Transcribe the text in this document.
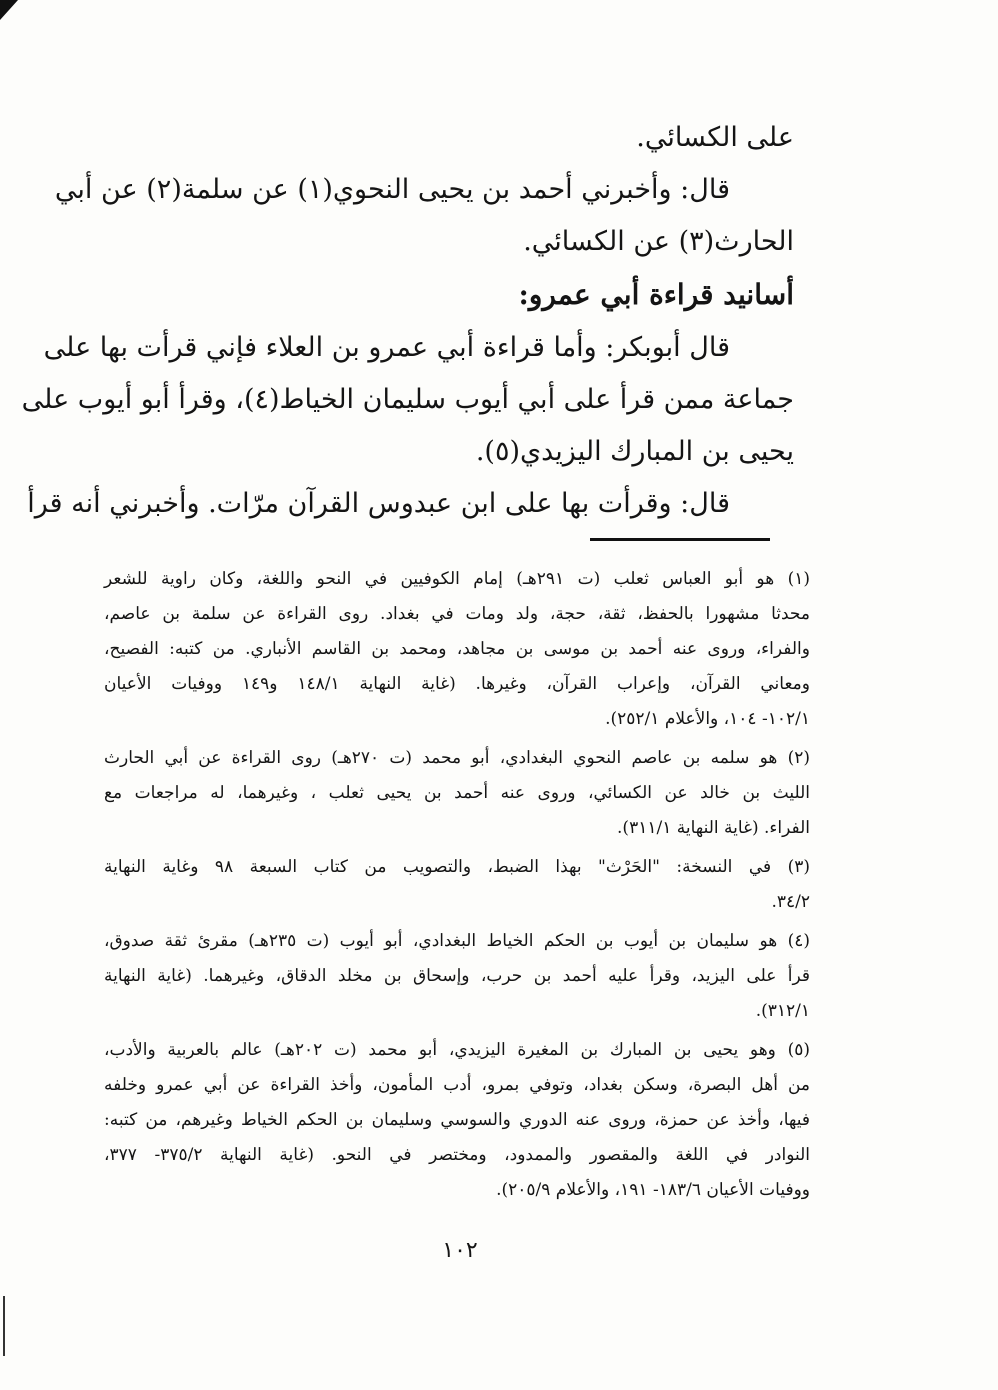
على الكسائي.
قال: وأخبرني أحمد بن يحيى النحوي(١) عن سلمة(٢) عن أبي
الحارث(٣) عن الكسائي.
أسانيد قراءة أبي عمرو:
قال أبوبكر: وأما قراءة أبي عمرو بن العلاء فإني قرأت بها على
جماعة ممن قرأ على أبي أيوب سليمان الخياط(٤)، وقرأ أبو أيوب على
يحيى بن المبارك اليزيدي(٥).
قال: وقرأت بها على ابن عبدوس القرآن مرّات. وأخبرني أنه قرأ
(١) هو أبو العباس ثعلب (ت ٢٩١هـ) إمام الكوفيين في النحو واللغة، وكان راوية للشعر
محدثا مشهورا بالحفظ، ثقة، حجة، ولد ومات في بغداد. روى القراءة عن سلمة بن عاصم،
والفراء، وروى عنه أحمد بن موسى بن مجاهد، ومحمد بن القاسم الأنباري. من كتبه: الفصيح،
ومعاني القرآن، وإعراب القرآن، وغيرها. (غاية النهاية ١٤٨/١ و١٤٩ ووفيات الأعيان
١٠٢/١- ١٠٤، والأعلام ٢٥٢/١).
(٢) هو سلمه بن عاصم النحوي البغدادي، أبو محمد (ت ٢٧٠هـ) روى القراءة عن أبي الحارث
الليث بن خالد عن الكسائي، وروى عنه أحمد بن يحيى ثعلب ، وغيرهما، له مراجعات مع
الفراء. (غاية النهاية ٣١١/١).
(٣) في النسخة: "الحَرْث" بهذا الضبط، والتصويب من كتاب السبعة ٩٨ وغاية النهاية
٣٤/٢.
(٤) هو سليمان بن أيوب بن الحكم الخياط البغدادي، أبو أيوب (ت ٢٣٥هـ) مقرئ ثقة صدوق،
قرأ على اليزيد، وقرأ عليه أحمد بن حرب، وإسحاق بن مخلد الدقاق، وغيرهما. (غاية النهاية
٣١٢/١).
(٥) وهو يحيى بن المبارك بن المغيرة اليزيدي، أبو محمد (ت ٢٠٢هـ) عالم بالعربية والأدب،
من أهل البصرة، وسكن بغداد، وتوفي بمرو، أدب المأمون، وأخذ القراءة عن أبي عمرو وخلفه
فيها، وأخذ عن حمزة، وروى عنه الدوري والسوسي وسليمان بن الحكم الخياط وغيرهم، من كتبه:
النوادر في اللغة والمقصور والممدود، ومختصر في النحو. (غاية النهاية ٣٧٥/٢- ٣٧٧،
ووفيات الأعيان ١٨٣/٦- ١٩١، والأعلام ٢٠٥/٩).
١٠٢
